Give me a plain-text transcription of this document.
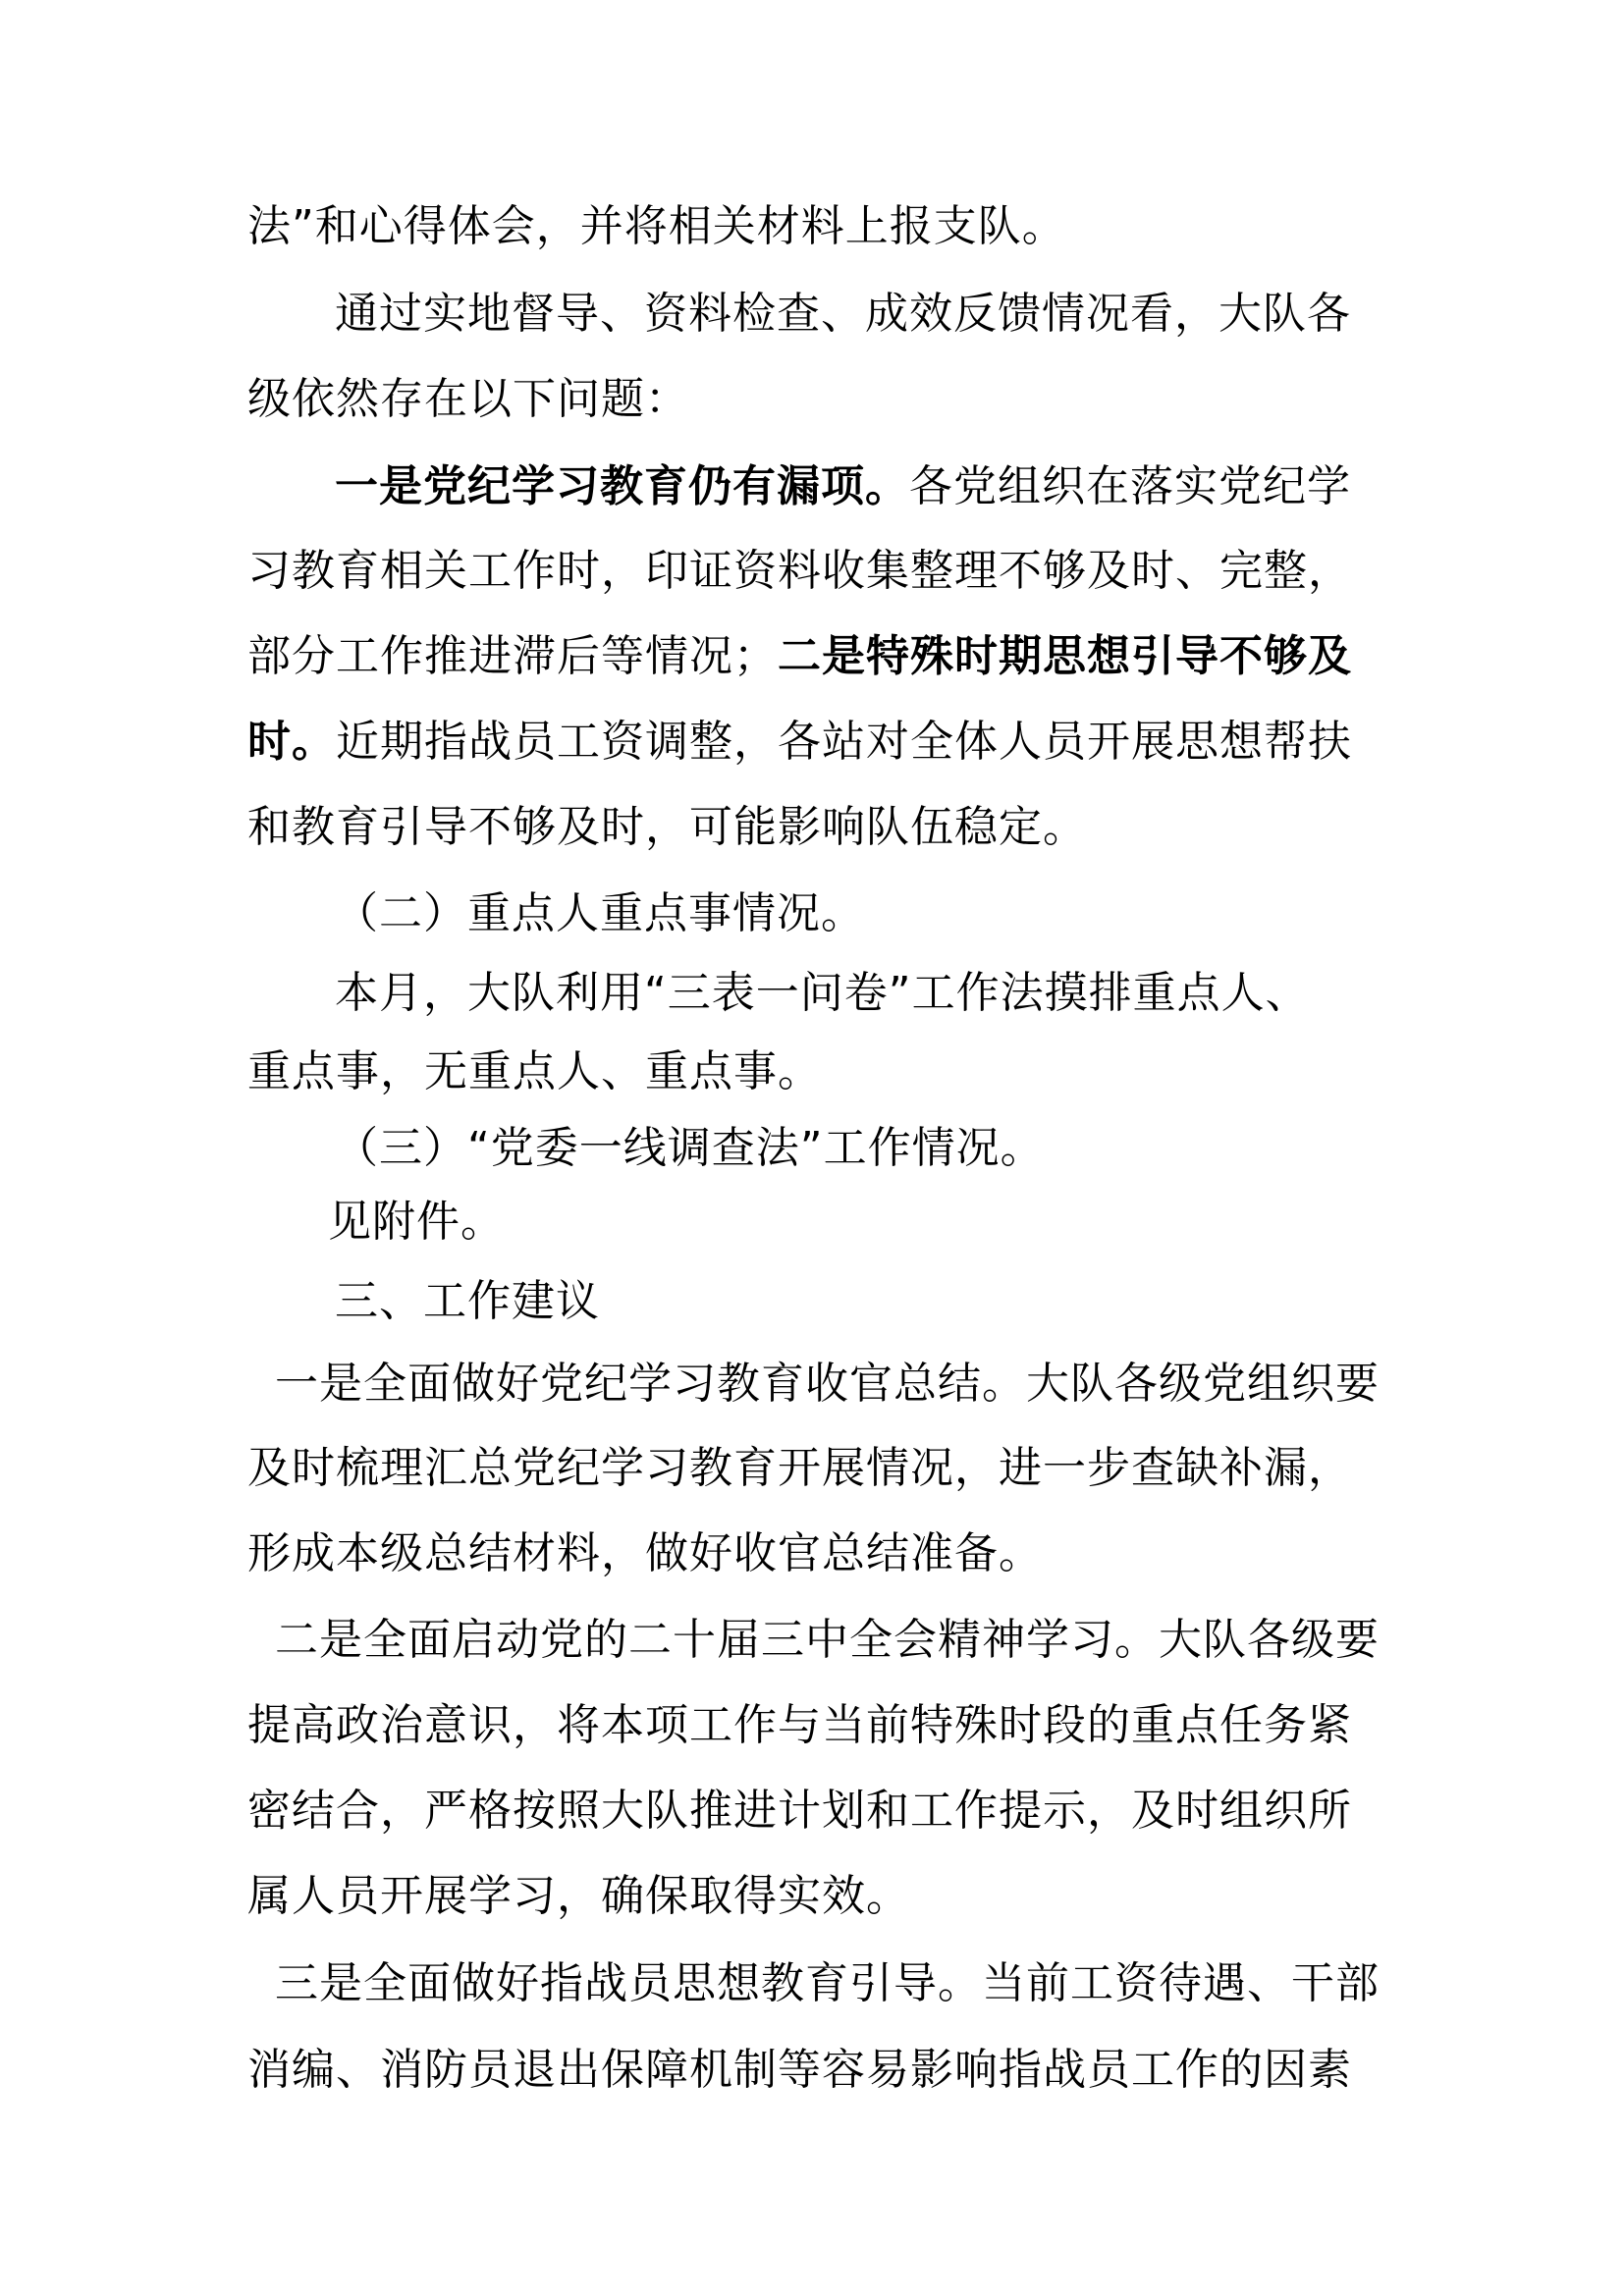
法”和心得体会，并将相关材料上报支队。
通过实地督导、资料检查、成效反馈情况看，大队各
级依然存在以下问题：
一是党纪学习教育仍有漏项。各党组织在落实党纪学
习教育相关工作时，印证资料收集整理不够及时、完整，
部分工作推进滞后等情况；二是特殊时期思想引导不够及
时。近期指战员工资调整，各站对全体人员开展思想帮扶
和教育引导不够及时，可能影响队伍稳定。
（二）重点人重点事情况。
本月，大队利用“三表一问卷”工作法摸排重点人、
重点事，无重点人、重点事。
（三）“党委一线调查法”工作情况。
见附件。
三、工作建议
一是全面做好党纪学习教育收官总结。大队各级党组织要
及时梳理汇总党纪学习教育开展情况，进一步查缺补漏，
形成本级总结材料，做好收官总结准备。
二是全面启动党的二十届三中全会精神学习。大队各级要
提高政治意识，将本项工作与当前特殊时段的重点任务紧
密结合，严格按照大队推进计划和工作提示，及时组织所
属人员开展学习，确保取得实效。
三是全面做好指战员思想教育引导。当前工资待遇、干部
消编、消防员退出保障机制等容易影响指战员工作的因素
